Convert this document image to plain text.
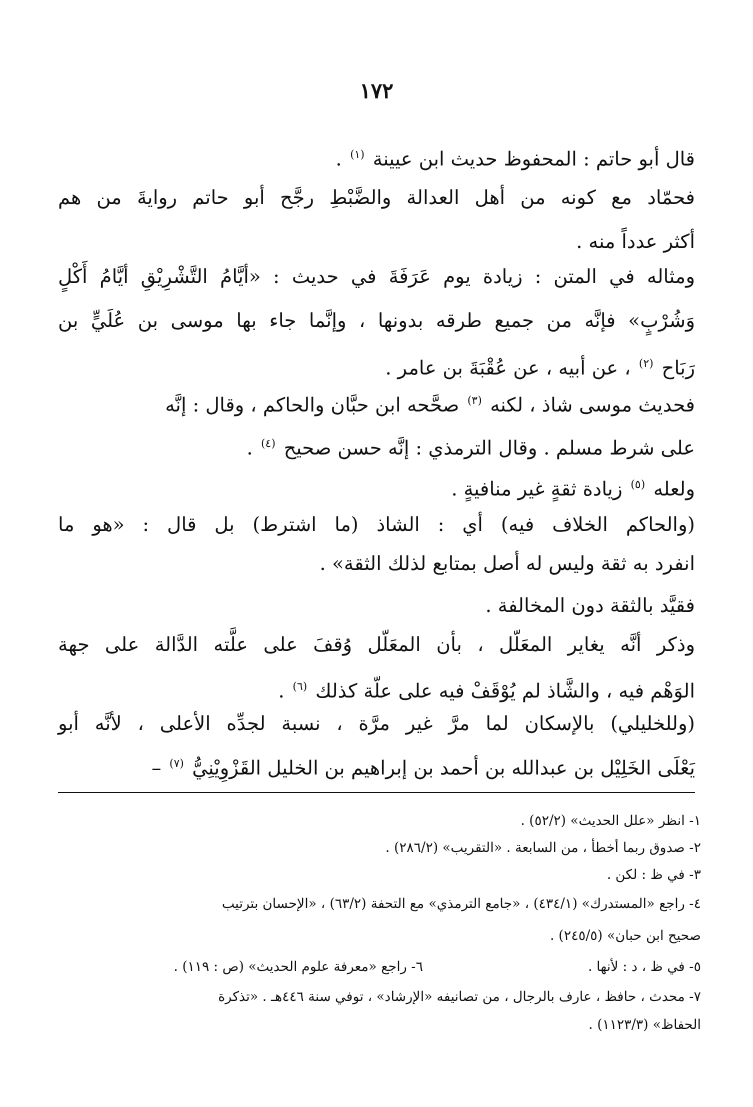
١٧٢
قال أبو حاتم : المحفوظ حديث ابن عيينة $^{(١)}$ .
فحمّاد مع كونه من أهل العدالة والضَّبْطِ رجَّح أبو حاتم روايةَ من هم
أكثر عدداً منه .
ومثاله في المتن : زيادة يوم عَرَفَةَ في حديث : «أيَّامُ التَّشْرِيْقِ أيَّامُ أَكْلٍ
وَشُرْبٍ» فإنَّه من جميع طرقه بدونها ، وإنَّما جاء بها موسى بن عُلَيٍّ بن
رَبَاح $^{(٢)}$ ، عن أبيه ، عن عُقْبَةَ بن عامر .
فحديث موسى شاذ ، لكنه $^{(٣)}$ صحَّحه ابن حبَّان والحاكم ، وقال : إنَّه
على شرط مسلم . وقال الترمذي : إنَّه حسن صحيح $^{(٤)}$ .
ولعله $^{(٥)}$ زيادة ثقةٍ غير منافيةٍ .
(والحاكم الخلاف فيه) أي : الشاذ (ما اشترط) بل قال : «هو ما
انفرد به ثقة وليس له أصل بمتابع لذلك الثقة» .
فقيَّد بالثقة دون المخالفة .
وذكر أنَّه يغاير المعَلّل ، بأن المعَلّل وُقفَ على علَّته الدَّالة على جهة
الوَهْم فيه ، والشَّاذ لم يُوْقَفْ فيه على علّة كذلك $^{(٦)}$ .
(وللخليلي) بالإسكان لما مرَّ غير مرَّة ، نسبة لجدِّه الأعلى ، لأنَّه أبو
يَعْلَى الخَلِيْل بن عبدالله بن أحمد بن إبراهيم بن الخليل القَزْوِيْنِيُّ $^{(٧)}$ –
١- انظر «علل الحديث» (٥٢/٢) .
٢- صدوق ربما أخطأ ، من السابعة . «التقريب» (٢٨٦/٢) .
٣- في ظ : لكن .
٤- راجع «المستدرك» (٤٣٤/١) ، «جامع الترمذي» مع التحفة (٦٣/٢) ، «الإحسان بترتيب
صحيح ابن حبان» (٢٤٥/٥) .
٥- في ظ ، د : لأنها .
٦- راجع «معرفة علوم الحديث» (ص : ١١٩) .
٧- محدث ، حافظ ، عارف بالرجال ، من تصانيفه «الإرشاد» ، توفي سنة ٤٤٦هـ . «تذكرة
الحفاظ» (١١٢٣/٣) .
